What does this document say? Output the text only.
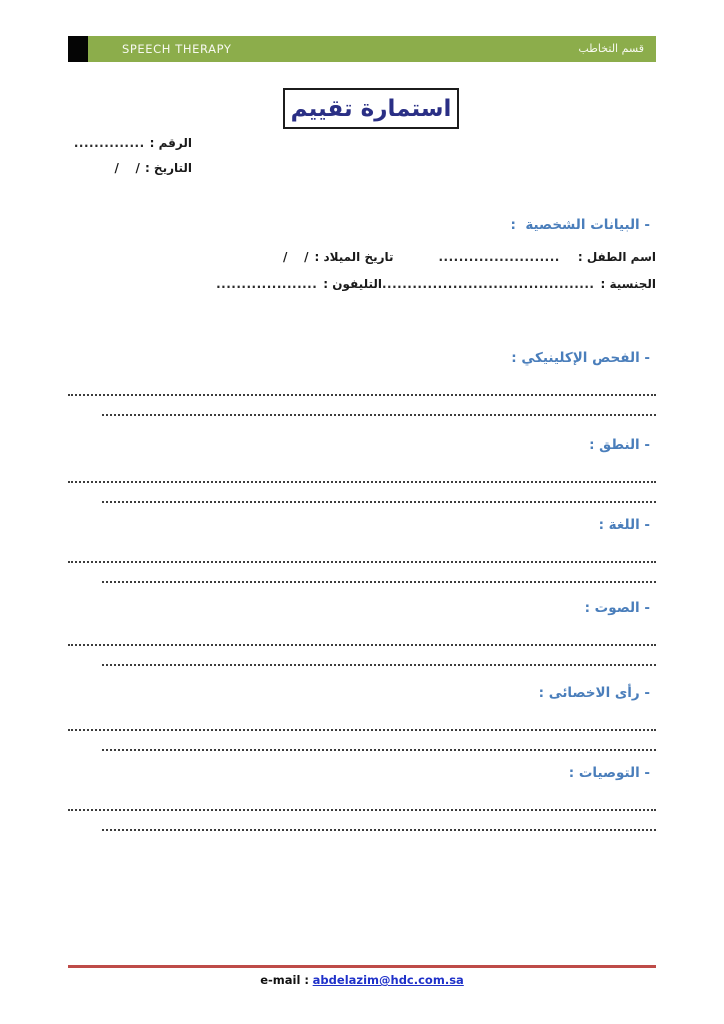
SPEECH THERAPY	قسم التخاطب
استمارة تقييم
الرقم :
..............
التاريخ :
/    /
- البيانات الشخصية  :
اسم الطفل :
........................
تاريخ الميلاد :
/    /
الجنسية :
..........................................
التليفون :
....................
- الفحص الإكلينيكي :
- النطق :
- اللغة :
- الصوت :
- رأى الاخصائى :
- التوصيات :
e-mail : abdelazim@hdc.com.sa
